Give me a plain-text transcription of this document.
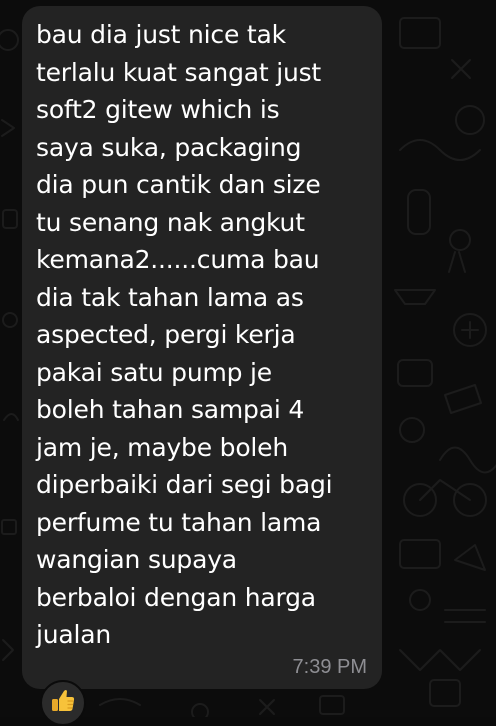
bau dia just nice tak
terlalu kuat sangat just
soft2 gitew which is
saya suka, packaging
dia pun cantik dan size
tu senang nak angkut
kemana2......cuma bau
dia tak tahan lama as
aspected, pergi kerja
pakai satu pump je
boleh tahan sampai 4
jam je, maybe boleh
diperbaiki dari segi bagi
perfume tu tahan lama
wangian supaya
berbaloi dengan harga
jualan

7:39 PM
